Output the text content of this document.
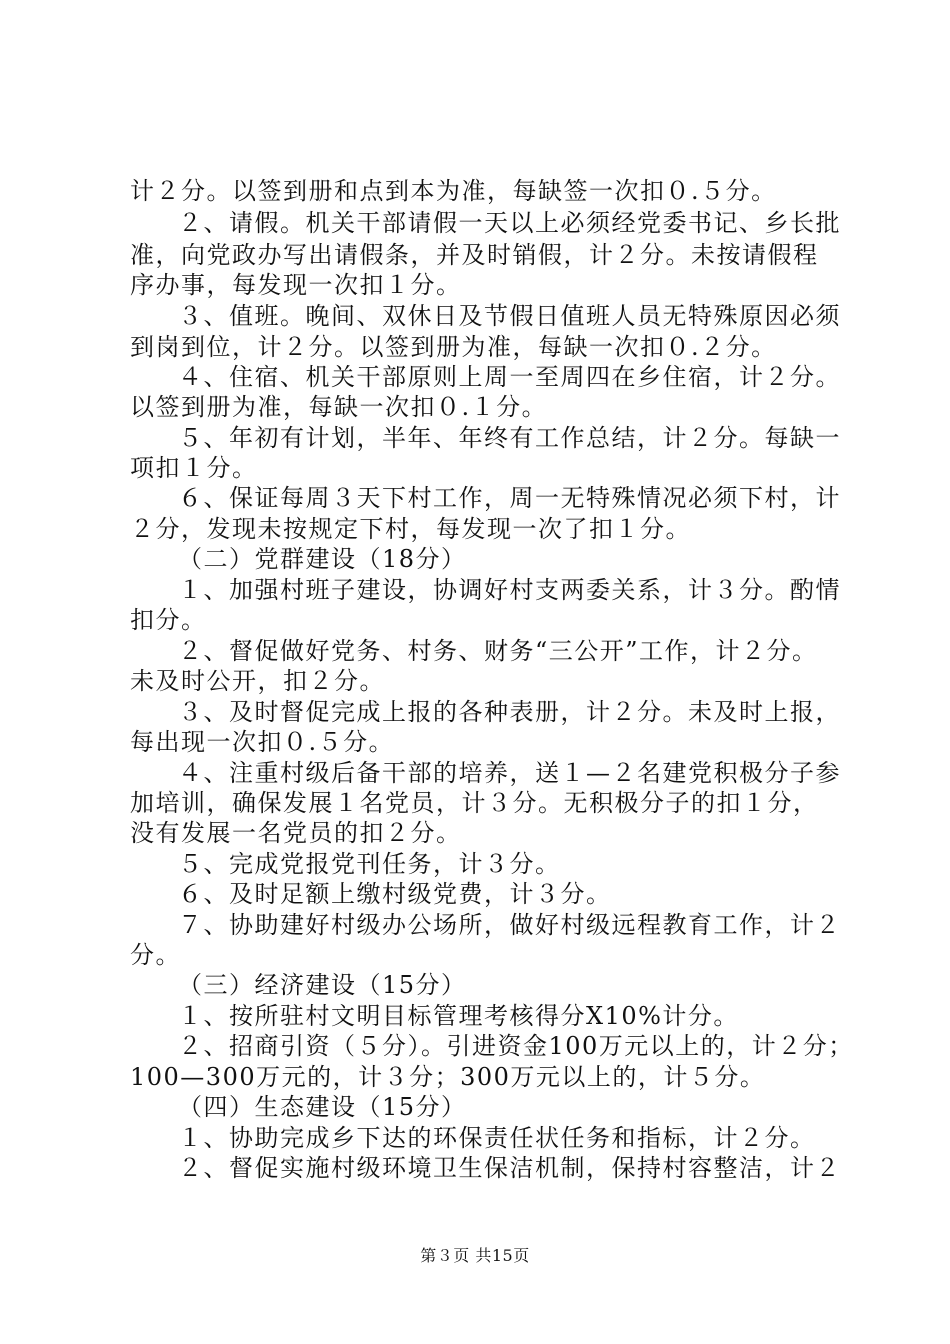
计２分。以签到册和点到本为准，每缺签一次扣０.５分。
２、请假。机关干部请假一天以上必须经党委书记、乡长批
准，向党政办写出请假条，并及时销假，计２分。未按请假程
序办事，每发现一次扣１分。
３、值班。晚间、双休日及节假日值班人员无特殊原因必须
到岗到位，计２分。以签到册为准，每缺一次扣０.２分。
４、住宿、机关干部原则上周一至周四在乡住宿，计２分。
以签到册为准，每缺一次扣０.１分。
５、年初有计划，半年、年终有工作总结，计２分。每缺一
项扣１分。
６、保证每周３天下村工作，周一无特殊情况必须下村，计
２分，发现未按规定下村，每发现一次了扣１分。
（二）党群建设（18分）
１、加强村班子建设，协调好村支两委关系，计３分。酌情
扣分。
２、督促做好党务、村务、财务“三公开”工作，计２分。
未及时公开，扣２分。
３、及时督促完成上报的各种表册，计２分。未及时上报，
每出现一次扣０.５分。
４、注重村级后备干部的培养，送１—２名建党积极分子参
加培训，确保发展１名党员，计３分。无积极分子的扣１分，
没有发展一名党员的扣２分。
５、完成党报党刊任务，计３分。
６、及时足额上缴村级党费，计３分。
７、协助建好村级办公场所，做好村级远程教育工作，计２
分。
（三）经济建设（15分）
１、按所驻村文明目标管理考核得分X10%计分。
２、招商引资（５分）。引进资金100万元以上的，计２分；
100—300万元的，计３分；300万元以上的，计５分。
（四）生态建设（15分）
１、协助完成乡下达的环保责任状任务和指标，计２分。
２、督促实施村级环境卫生保洁机制，保持村容整洁，计２
第３页 共15页
